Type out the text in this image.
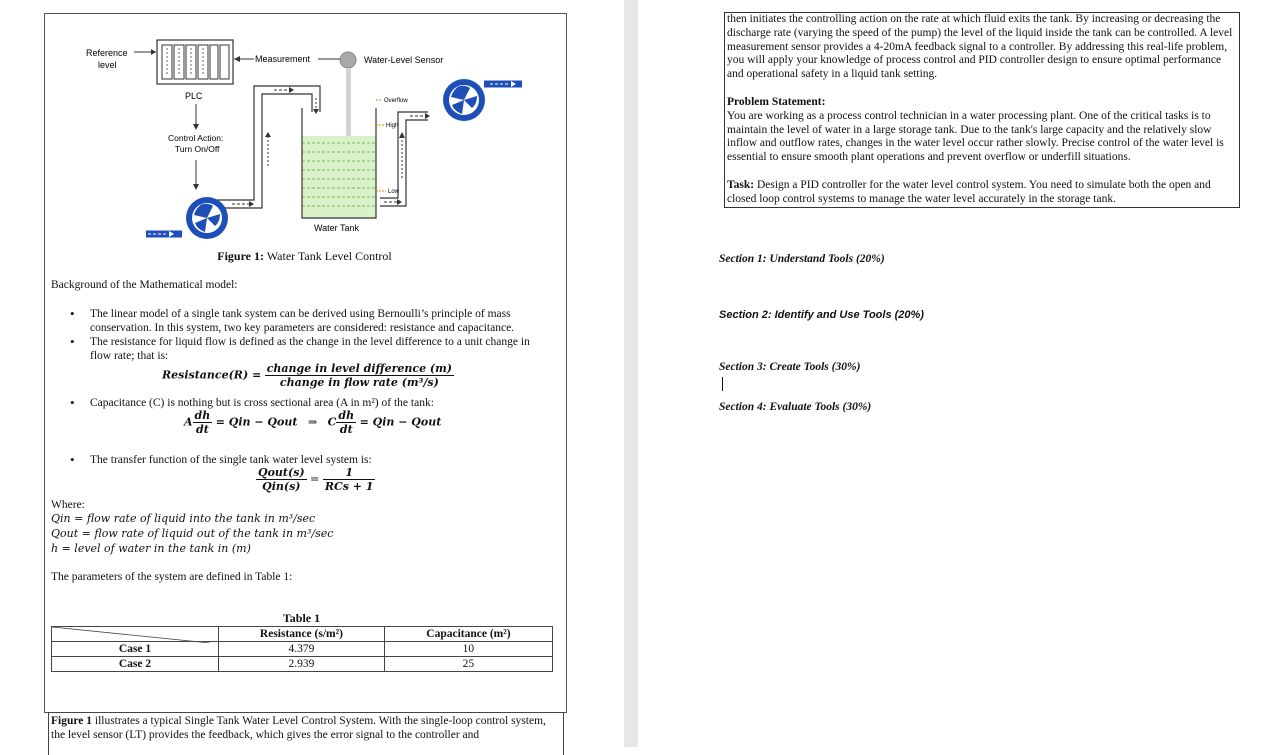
Reference
level
Measurement	Water-Level Sensor
PLC
Control Action:
Turn On/Off
Water Tank
Overflow
High
Low
Figure 1: Water Tank Level Control
Background of the Mathematical model:
• The linear model of a single tank system can be derived using Bernoulli’s principle of mass conservation. In this system, two key parameters are considered: resistance and capacitance.
• The resistance for liquid flow is defined as the change in the level difference to a unit change in flow rate; that is:
Resistance(R) = $\frac{\text{change in level difference (m)}}{\text{change in flow rate (m³/s)}}$
• Capacitance (C) is nothing but is cross sectional area (A in m²) of the tank:
A $\frac{dh}{dt}$ = Qin − Qout ⇒ C $\frac{dh}{dt}$ = Qin − Qout
• The transfer function of the single tank water level system is:
$\frac{\text{Qout(s)}}{\text{Qin(s)}} = \frac{1}{\text{RCs + 1}}$
Where:
Qin = flow rate of liquid into the tank in m³/sec
Qout = flow rate of liquid out of the tank in m³/sec
h = level of water in the tank in (m)
The parameters of the system are defined in Table 1:
Table 1
	Resistance (s/m²)	Capacitance (m²)
Case 1	4.379	10
Case 2	2.939	25
Figure 1 illustrates a typical Single Tank Water Level Control System. With the single-loop control system, the level sensor (LT) provides the feedback, which gives the error signal to the controller and

then initiates the controlling action on the rate at which fluid exits the tank. By increasing or decreasing the discharge rate (varying the speed of the pump) the level of the liquid inside the tank can be controlled. A level measurement sensor provides a 4-20mA feedback signal to a controller. By addressing this real-life problem, you will apply your knowledge of process control and PID controller design to ensure optimal performance and operational safety in a liquid tank setting.

Problem Statement:

You are working as a process control technician in a water processing plant. One of the critical tasks is to maintain the level of water in a large storage tank. Due to the tank's large capacity and the relatively slow inflow and outflow rates, changes in the water level occur rather slowly. Precise control of the water level is essential to ensure smooth plant operations and prevent overflow or underfill situations.

Task: Design a PID controller for the water level control system. You need to simulate both the open and closed loop control systems to manage the water level accurately in the storage tank.

Section 1: Understand Tools (20%)
Section 2: Identify and Use Tools (20%)
Section 3: Create Tools (30%)
Section 4: Evaluate Tools (30%)
